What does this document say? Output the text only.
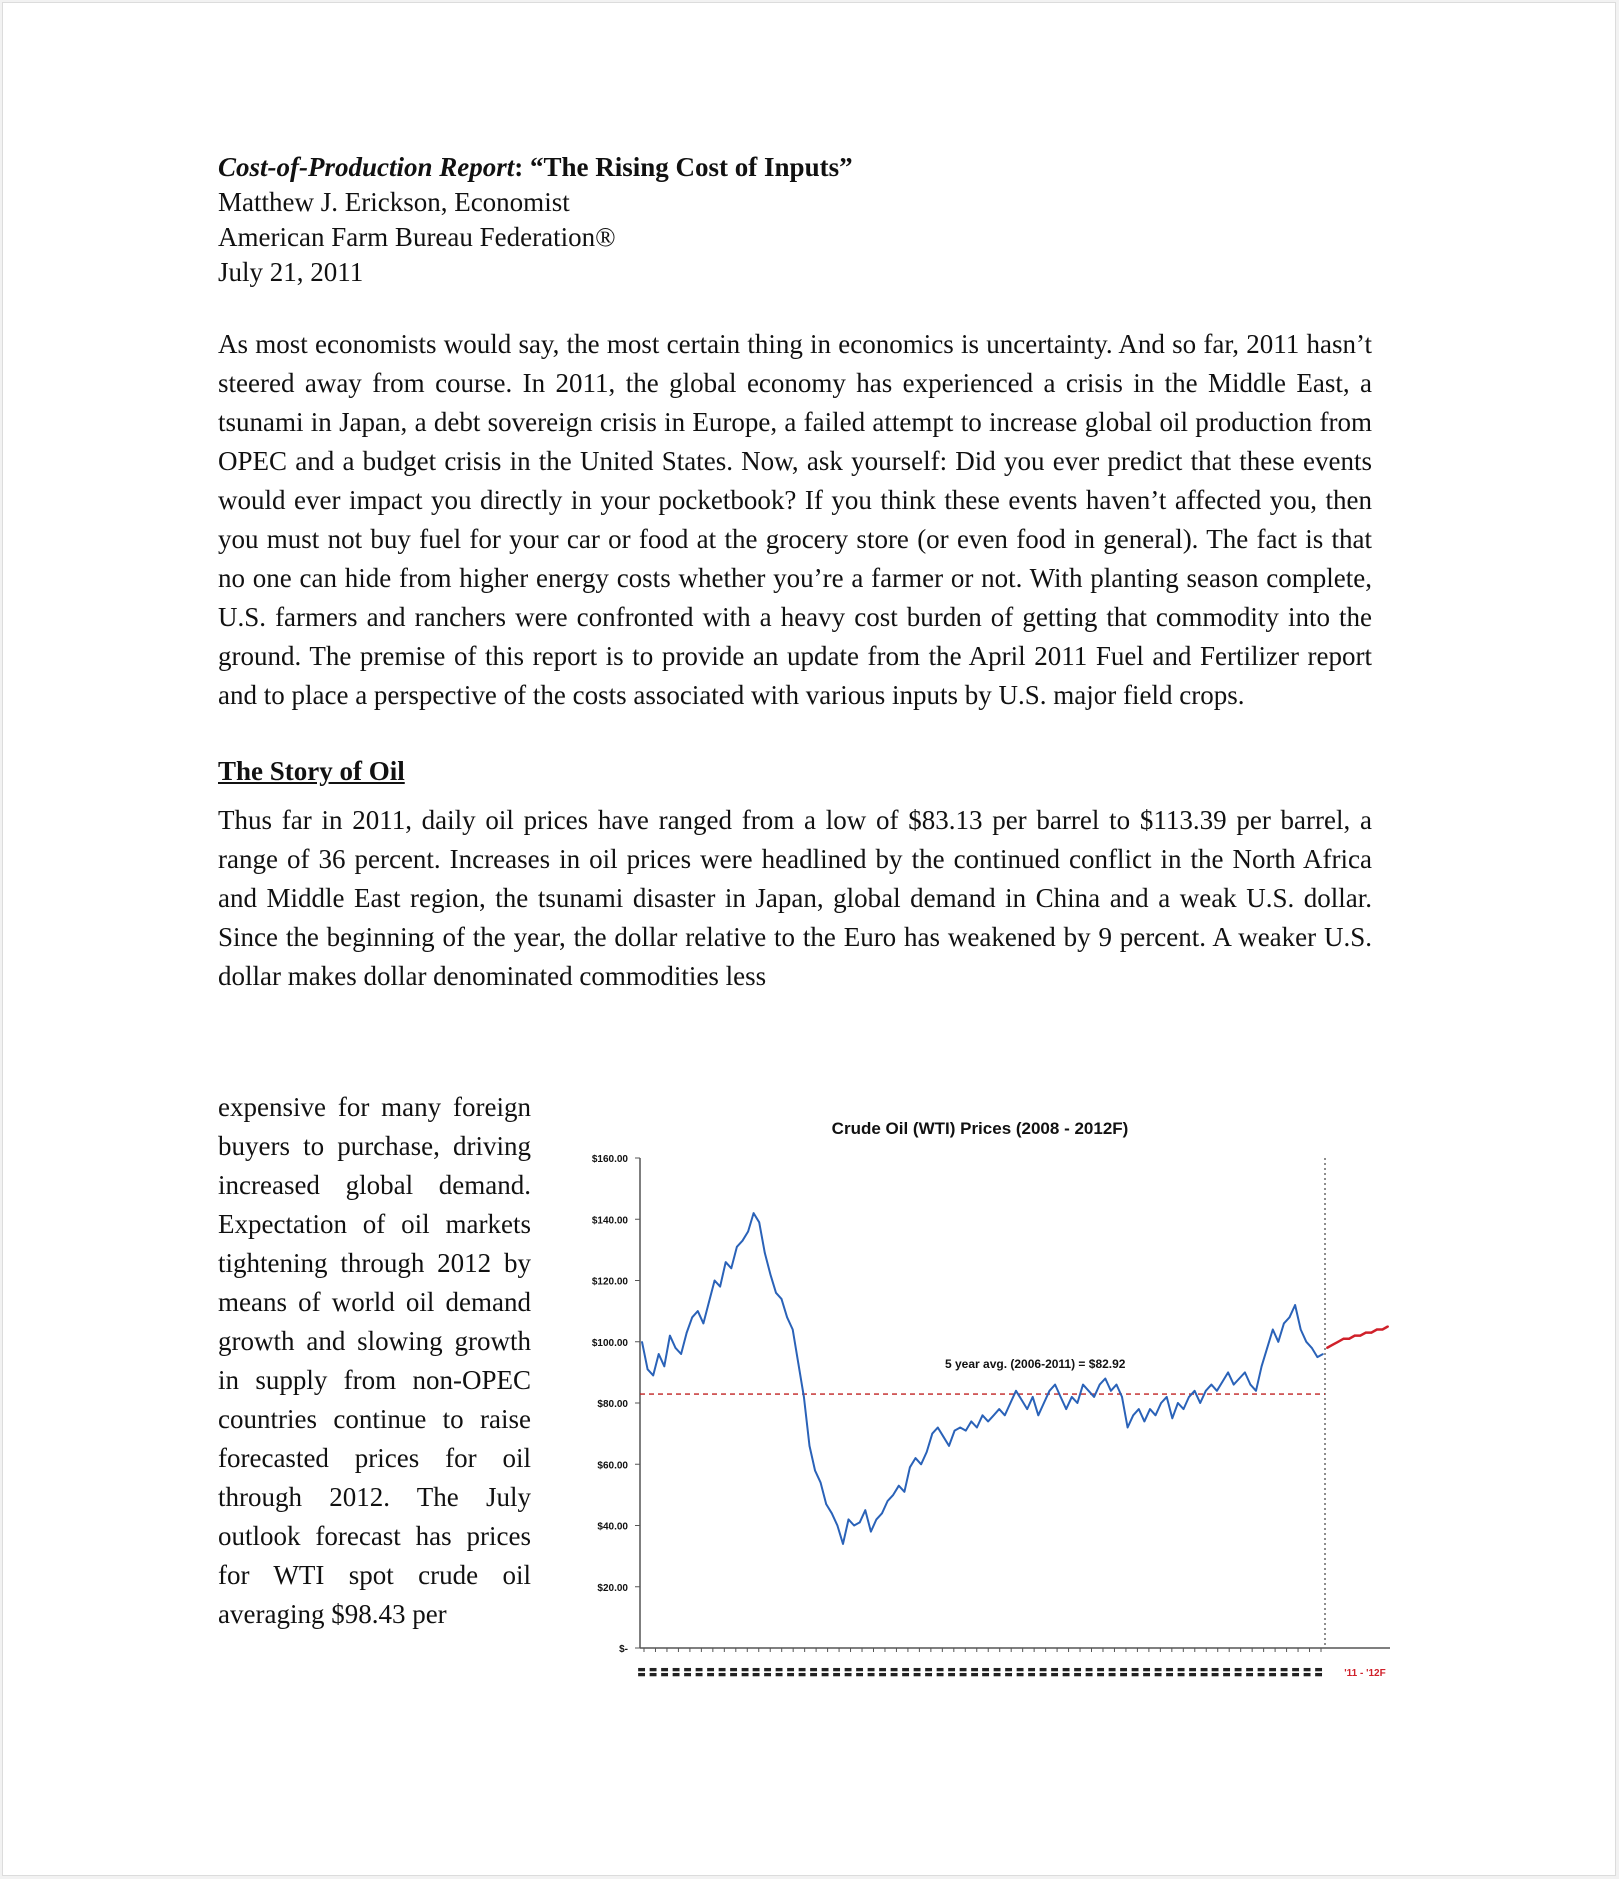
Cost-of-Production Report: “The Rising Cost of Inputs”
Matthew J. Erickson, Economist
American Farm Bureau Federation®
July 21, 2011

As most economists would say, the most certain thing in economics is uncertainty. And so far, 2011 hasn’t steered away from course. In 2011, the global economy has experienced a crisis in the Middle East, a tsunami in Japan, a debt sovereign crisis in Europe, a failed attempt to increase global oil production from OPEC and a budget crisis in the United States. Now, ask yourself: Did you ever predict that these events would ever impact you directly in your pocketbook? If you think these events haven’t affected you, then you must not buy fuel for your car or food at the grocery store (or even food in general). The fact is that no one can hide from higher energy costs whether you’re a farmer or not. With planting season complete, U.S. farmers and ranchers were confronted with a heavy cost burden of getting that commodity into the ground. The premise of this report is to provide an update from the April 2011 Fuel and Fertilizer report and to place a perspective of the costs associated with various inputs by U.S. major field crops.

The Story of Oil

Thus far in 2011, daily oil prices have ranged from a low of $83.13 per barrel to $113.39 per barrel, a range of 36 percent. Increases in oil prices were headlined by the continued conflict in the North Africa and Middle East region, the tsunami disaster in Japan, global demand in China and a weak U.S. dollar. Since the beginning of the year, the dollar relative to the Euro has weakened by 9 percent. A weaker U.S. dollar makes dollar denominated commodities less

expensive for many foreign buyers to purchase, driving increased global demand. Expectation of oil markets tightening through 2012 by means of world oil demand growth and slowing growth in supply from non-OPEC countries continue to raise forecasted prices for oil through 2012. The July outlook forecast has prices for WTI spot crude oil averaging $98.43 per
Crude Oil (WTI) Prices (2008 - 2012F)
$-
$20.00
$40.00
$60.00
$80.00
$100.00
$120.00
$140.00
$160.00
▮▮ ▮▮ ▮▮ ▮▮ ▮▮ ▮▮ ▮▮ ▮▮ ▮▮ ▮▮ ▮▮ ▮▮ ▮▮ ▮▮ ▮▮ ▮▮ ▮▮ ▮▮ ▮▮ ▮▮ ▮▮ ▮▮ ▮▮ ▮▮ ▮▮ ▮▮ ▮▮ ▮▮ ▮▮ ▮▮ ▮▮ ▮▮ ▮▮ ▮▮ ▮▮ ▮▮ ▮▮ ▮▮ ▮▮ ▮▮ ▮▮ ▮▮ ▮▮ ▮▮ ▮▮ ▮▮ ▮▮ ▮▮ ▮▮ ▮▮ ▮▮ ▮▮ ▮▮ ▮▮ ▮▮ ▮▮ ▮▮ ▮▮ ▮▮ ▮▮ '11 - '12F
5 year avg. (2006-2011) = $82.92
